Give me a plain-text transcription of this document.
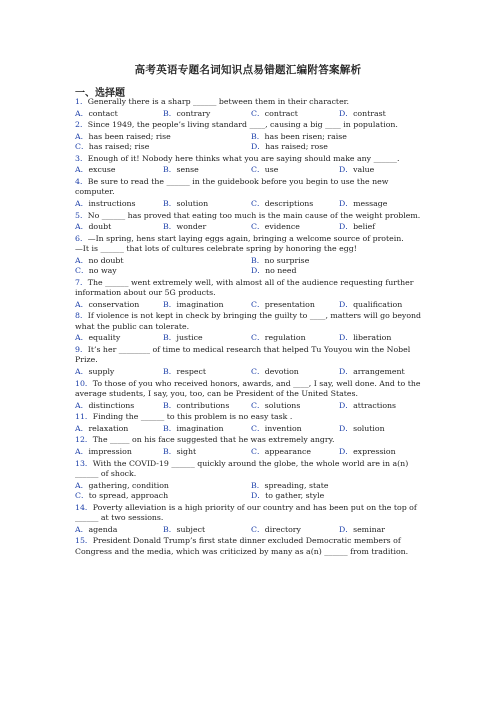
高考英语专题名词知识点易错题汇编附答案解析
一、选择题
1．Generally there is a sharp ______ between them in their character.
A．contact	B．contrary	C．contract	D．contrast
2．Since 1949, the people’s living standard ____, causing a big ____ in population.
A．has been raised; rise	B．has been risen; raise
C．has raised; rise	D．has raised; rose
3．Enough of it! Nobody here thinks what you are saying should make any ______.
A．excuse	B．sense	C．use	D．value
4．Be sure to read the ______ in the guidebook before you begin to use the new computer.
A．instructions	B．solution	C．descriptions	D．message
5．No ______ has proved that eating too much is the main cause of the weight problem.
A．doubt	B．wonder	C．evidence	D．belief
6．—In spring, hens start laying eggs again, bringing a welcome source of protein.
—It is ______ that lots of cultures celebrate spring by honoring the egg!
A．no doubt	B．no surprise
C．no way	D．no need
7．The ______ went extremely well, with almost all of the audience requesting further information about our 5G products.
A．conservation	B．imagination	C．presentation	D．qualification
8．If violence is not kept in check by bringing the guilty to ____, matters will go beyond what the public can tolerate.
A．equality	B．justice	C．regulation	D．liberation
9．It’s her ________ of time to medical research that helped Tu Youyou win the Nobel Prize.
A．supply	B．respect	C．devotion	D．arrangement
10．To those of you who received honors, awards, and ____, I say, well done. And to the average students, I say, you, too, can be President of the United States.
A．distinctions	B．contributions	C．solutions	D．attractions
11．Finding the ______ to this problem is no easy task .
A．relaxation	B．imagination	C．invention	D．solution
12．The _____ on his face suggested that he was extremely angry.
A．impression	B．sight	C．appearance	D．expression
13．With the COVID-19 ______ quickly around the globe, the whole world are in a(n) ______ of shock.
A．gathering, condition	B．spreading, state
C．to spread, approach	D．to gather, style
14．Poverty alleviation is a high priority of our country and has been put on the top of ______ at two sessions.
A．agenda	B．subject	C．directory	D．seminar
15．President Donald Trump’s first state dinner excluded Democratic members of Congress and the media, which was criticized by many as a(n) ______ from tradition.
